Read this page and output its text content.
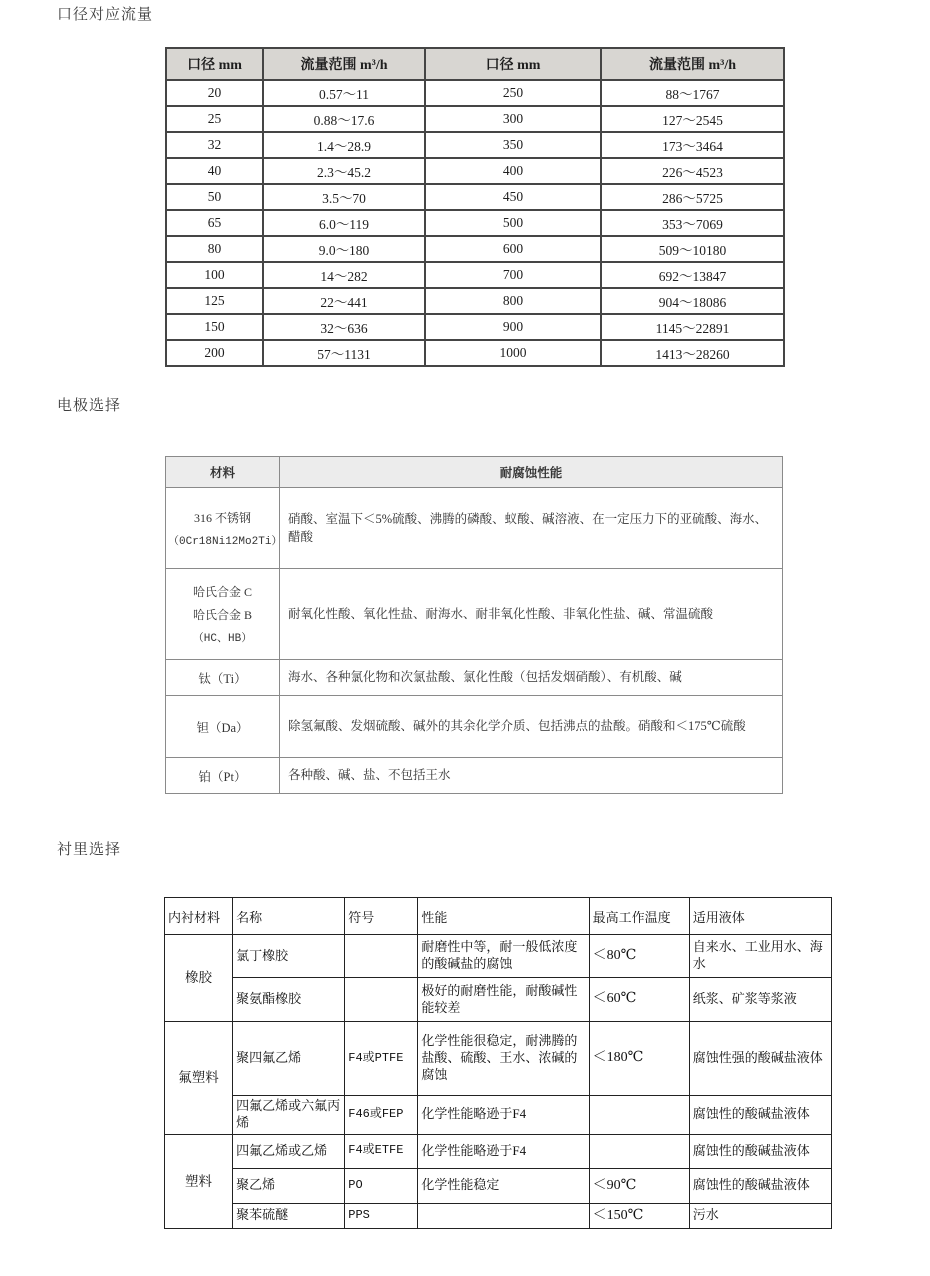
口径对应流量
口径 mm	流量范围 m³/h	口径 mm	流量范围 m³/h
20	0.57～11	250	88～1767
25	0.88～17.6	300	127～2545
32	1.4～28.9	350	173～3464
40	2.3～45.2	400	226～4523
50	3.5～70	450	286～5725
65	6.0～119	500	353～7069
80	9.0～180	600	509～10180
100	14～282	700	692～13847
125	22～441	800	904～18086
150	32～636	900	1145～22891
200	57～1131	1000	1413～28260
电极选择
材料	耐腐蚀性能

316 不锈钢
（0Cr18Ni12Mo2Ti）	硝酸、室温下＜5%硫酸、沸腾的磷酸、蚁酸、碱溶液、在一定压力下的亚硫酸、海水、醋酸

哈氏合金 C
哈氏合金 B
（HC、HB）	耐氧化性酸、氧化性盐、耐海水、耐非氧化性酸、非氧化性盐、碱、常温硫酸
钛（Ti）	海水、各种氯化物和次氯盐酸、氯化性酸（包括发烟硝酸）、有机酸、碱
钽（Da）	除氢氟酸、发烟硫酸、碱外的其余化学介质、包括沸点的盐酸。硝酸和＜175℃硫酸
铂（Pt）	各种酸、碱、盐、不包括王水
衬里选择
内衬材料	名称	符号	性能	最高工作温度	适用液体
橡胶	氯丁橡胶		耐磨性中等，耐一般低浓度的酸碱盐的腐蚀	＜80℃	自来水、工业用水、海水
	聚氨酯橡胶		极好的耐磨性能，耐酸碱性能较差	＜60℃	纸浆、矿浆等浆液
氟塑料	聚四氟乙烯	F4或PTFE	化学性能很稳定，耐沸腾的盐酸、硫酸、王水、浓碱的腐蚀	＜180℃	腐蚀性强的酸碱盐液体
	四氟乙烯或六氟丙烯	F46或FEP	化学性能略逊于F4		腐蚀性的酸碱盐液体
塑料	四氟乙烯或乙烯	F4或ETFE	化学性能略逊于F4		腐蚀性的酸碱盐液体
	聚乙烯	PO	化学性能稳定	＜90℃	腐蚀性的酸碱盐液体
	聚苯硫醚	PPS		＜150℃	污水
